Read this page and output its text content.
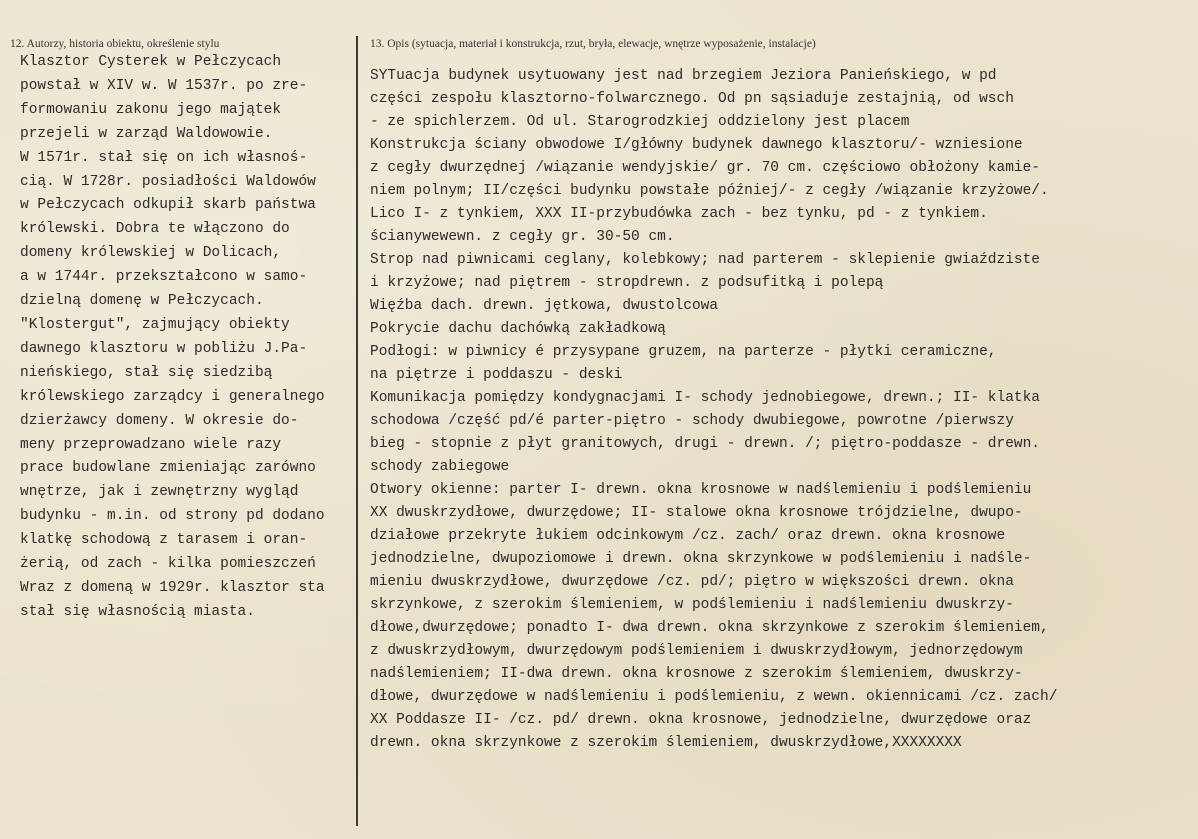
12. Autorzy, historia obiektu, określenie stylu	13. Opis (sytuacja, materiał i konstrukcja, rzut, bryła, elewacje, wnętrze wyposażenie, instalacje)
Klasztor Cysterek w Pełczycach
powstał w XIV w. W 1537r. po zre-
formowaniu zakonu jego majątek
przejeli w zarząd Waldowowie.
W 1571r. stał się on ich własnoś-
cią. W 1728r. posiadłości Waldowów
w Pełczycach odkupił skarb państwa
królewski. Dobra te włączono do
domeny królewskiej w Dolicach,
a w 1744r. przekształcono w samo-
dzielną domenę w Pełczycach.
"Klostergut", zajmujący obiekty
dawnego klasztoru w pobliżu J.Pa-
nieńskiego, stał się siedzibą
królewskiego zarządcy i generalnego
dzierżawcy domeny. W okresie do-
meny przeprowadzano wiele razy
prace budowlane zmieniając zarówno
wnętrze, jak i zewnętrzny wygląd
budynku - m.in. od strony pd dodano
klatkę schodową z tarasem i oran-
żerią, od zach - kilka pomieszczeń
Wraz z domeną w 1929r. klasztor sta
stał się własnością miasta.
SYTuacja budynek usytuowany jest nad brzegiem Jeziora Panieńskiego, w pd
części zespołu klasztorno-folwarcznego. Od pn sąsiaduje zestajnią, od wsch
- ze spichlerzem. Od ul. Starogrodzkiej oddzielony jest placem
Konstrukcja ściany obwodowe I/główny budynek dawnego klasztoru/- wzniesione
z cegły dwurzędnej /wiązanie wendyjskie/ gr. 70 cm. częściowo obłożony kamie-
niem polnym; II/części budynku powstałe później/- z cegły /wiązanie krzyżowe/.
Lico I- z tynkiem, XXX II-przybudówka zach - bez tynku, pd - z tynkiem.
ścianywewewn. z cegły gr. 30-50 cm.
Strop nad piwnicami ceglany, kolebkowy; nad parterem - sklepienie gwiaździste
i krzyżowe; nad piętrem - stropdrewn. z podsufitką i polepą
Więźba dach. drewn. jętkowa, dwustolcowa
Pokrycie dachu dachówką zakładkową
Podłogi: w piwnicy é przysypane gruzem, na parterze - płytki ceramiczne,
na piętrze i poddaszu - deski
Komunikacja pomiędzy kondygnacjami I- schody jednobiegowe, drewn.; II- klatka
schodowa /część pd/é parter-piętro - schody dwubiegowe, powrotne /pierwszy
bieg - stopnie z płyt granitowych, drugi - drewn. /; piętro-poddasze - drewn.
schody zabiegowe
Otwory okienne: parter I- drewn. okna krosnowe w nadślemieniu i podślemieniu
XX dwuskrzydłowe, dwurzędowe; II- stalowe okna krosnowe trójdzielne, dwupo-
działowe przekryte łukiem odcinkowym /cz. zach/ oraz drewn. okna krosnowe
jednodzielne, dwupoziomowe i drewn. okna skrzynkowe w podślemieniu i nadśle-
mieniu dwuskrzydłowe, dwurzędowe /cz. pd/; piętro w większości drewn. okna
skrzynkowe, z szerokim ślemieniem, w podślemieniu i nadślemieniu dwuskrzy-
dłowe,dwurzędowe; ponadto I- dwa drewn. okna skrzynkowe z szerokim ślemieniem,
z dwuskrzydłowym, dwurzędowym podślemieniem i dwuskrzydłowym, jednorzędowym
nadślemieniem; II-dwa drewn. okna krosnowe z szerokim ślemieniem, dwuskrzy-
dłowe, dwurzędowe w nadślemieniu i podślemieniu, z wewn. okiennicami /cz. zach/
XX Poddasze II- /cz. pd/ drewn. okna krosnowe, jednodzielne, dwurzędowe oraz
drewn. okna skrzynkowe z szerokim ślemieniem, dwuskrzydłowe,XXXXXXXX
